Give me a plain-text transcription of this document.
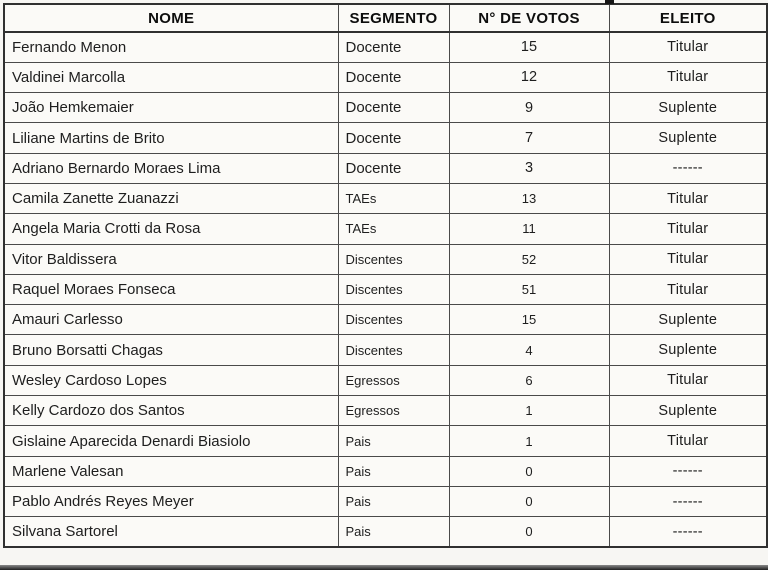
NOME	SEGMENTO	N° DE VOTOS	ELEITO
Fernando Menon	Docente	15	Titular
Valdinei Marcolla	Docente	12	Titular
João Hemkemaier	Docente	9	Suplente
Liliane Martins de Brito	Docente	7	Suplente
Adriano Bernardo Moraes Lima	Docente	3	------
Camila Zanette Zuanazzi	TAEs	13	Titular
Angela Maria Crotti da Rosa	TAEs	11	Titular
Vitor Baldissera	Discentes	52	Titular
Raquel Moraes Fonseca	Discentes	51	Titular
Amauri Carlesso	Discentes	15	Suplente
Bruno Borsatti Chagas	Discentes	4	Suplente
Wesley Cardoso Lopes	Egressos	6	Titular
Kelly Cardozo dos Santos	Egressos	1	Suplente
Gislaine Aparecida Denardi Biasiolo	Pais	1	Titular
Marlene Valesan	Pais	0	------
Pablo Andrés Reyes Meyer	Pais	0	------
Silvana Sartorel	Pais	0	------
